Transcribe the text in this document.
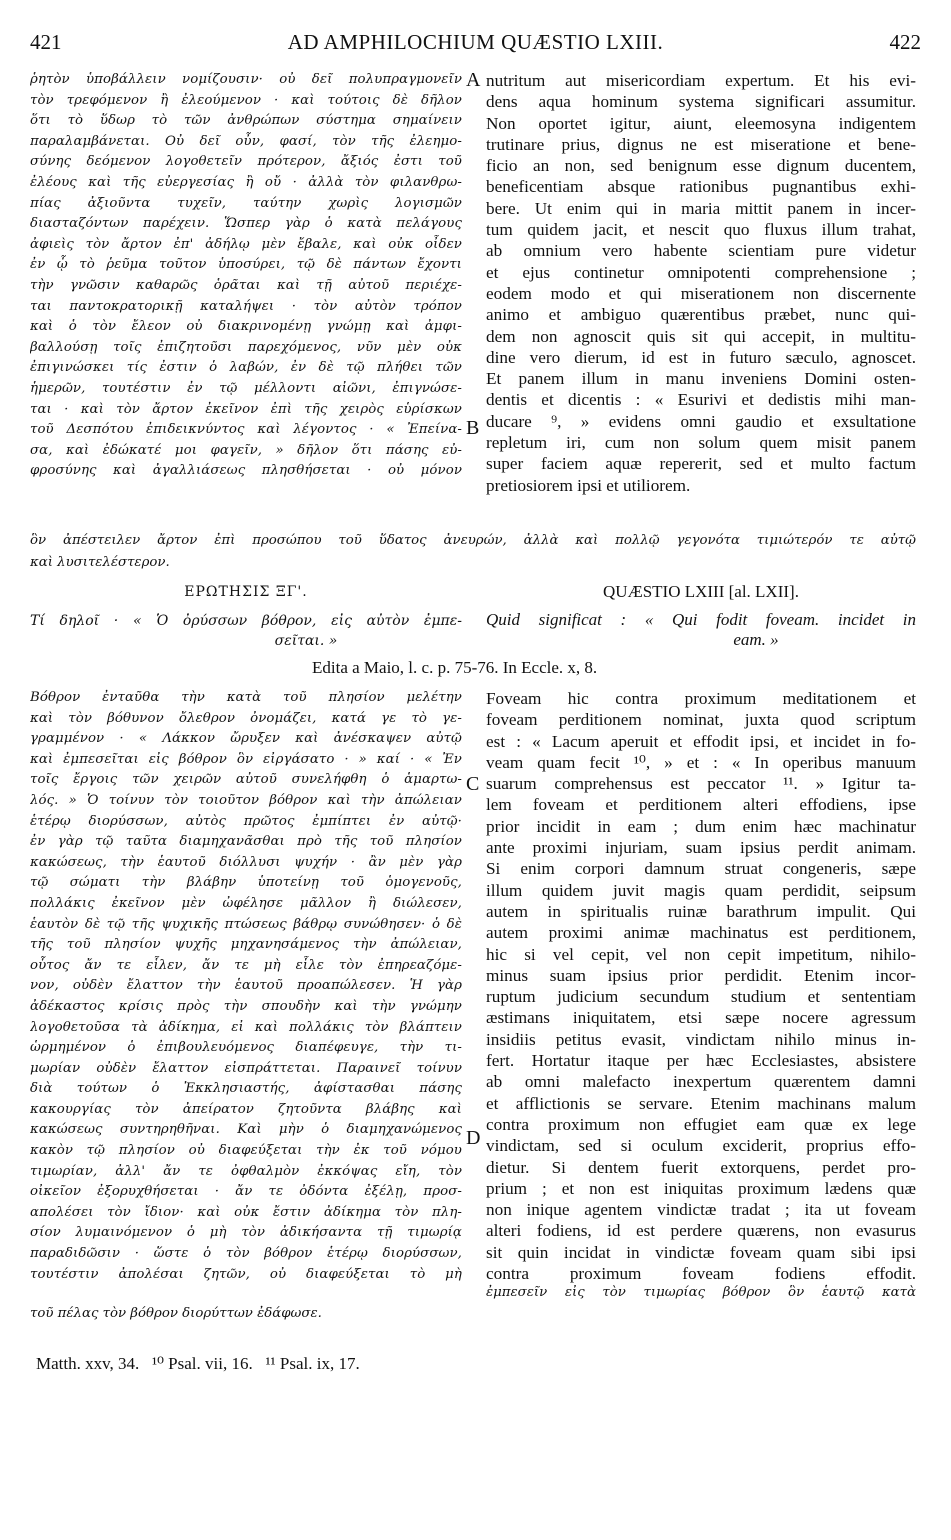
421	AD AMPHILOCHIUM QUÆSTIO LXIII.	422
ῥητὸν ὑποβάλλειν νομίζουσιν· οὐ δεῖ πολυπραγμονεῖν
τὸν τρεφόμενον ἢ ἐλεούμενον · καὶ τούτοις δὲ δῆλον
ὅτι τὸ ὕδωρ τὸ τῶν ἀνθρώπων σύστημα σημαίνειν
παραλαμβάνεται. Οὐ δεῖ οὖν, φασί, τὸν τῆς ἐλεημο-
σύνης δεόμενον λογοθετεῖν πρότερον, ἄξιός ἐστι τοῦ
ἐλέους καὶ τῆς εὐεργεσίας ἢ οὔ · ἀλλὰ τὸν φιλανθρω-
πίας ἀξιοῦντα τυχεῖν, ταύτην χωρὶς λογισμῶν
διασταζόντων παρέχειν. Ὥσπερ γὰρ ὁ κατὰ πελάγους
ἀφιεὶς τὸν ἄρτον ἐπ' ἀδήλῳ μὲν ἔβαλε, καὶ οὐκ οἶδεν
ἐν ᾧ τὸ ῥεῦμα τοῦτον ὑποσύρει, τῷ δὲ πάντων ἔχοντι
τὴν γνῶσιν καθαρῶς ὁρᾶται καὶ τῇ αὐτοῦ περιέχε-
ται παντοκρατορικῇ καταλήψει · τὸν αὐτὸν τρόπον
καὶ ὁ τὸν ἔλεον οὐ διακρινομένῃ γνώμῃ καὶ ἀμφι-
βαλλούσῃ τοῖς ἐπιζητοῦσι παρεχόμενος, νῦν μὲν οὐκ
ἐπιγινώσκει τίς ἐστιν ὁ λαβών, ἐν δὲ τῷ πλήθει τῶν
ἡμερῶν, τουτέστιν ἐν τῷ μέλλοντι αἰῶνι, ἐπιγνώσε-
ται · καὶ τὸν ἄρτον ἐκεῖνον ἐπὶ τῆς χειρὸς εὑρίσκων
τοῦ Δεσπότου ἐπιδεικνύντος καὶ λέγοντος · « Ἐπείνα-
σα, καὶ ἐδώκατέ μοι φαγεῖν, » δῆλον ὅτι πάσης εὐ-
φροσύνης καὶ ἀγαλλιάσεως πλησθήσεται · οὐ μόνον
nutritum aut misericordiam expertum. Et his evi-
dens aqua hominum systema significari assumitur.
Non oportet igitur, aiunt, eleemosyna indigentem
trutinare prius, dignus ne est miseratione et bene-
ficio an non, sed benignum esse dignum ducentem,
beneficentiam absque rationibus pugnantibus exhi-
bere. Ut enim qui in maria mittit panem in incer-
tum quidem jacit, et nescit quo fluxus illum trahat,
ab omnium vero habente scientiam pure videtur
et ejus continetur omnipotenti comprehensione ;
eodem modo et qui miserationem non discernente
animo et ambiguo quærentibus præbet, nunc qui-
dem non agnoscit quis sit qui accepit, in multitu-
dine vero dierum, id est in futuro sæculo, agnoscet.
Et panem illum in manu inveniens Domini osten-
dentis et dicentis : « Esurivi et dedistis mihi man-
ducare ⁹, » evidens omni gaudio et exsultatione
repletum iri, cum non solum quem misit panem
super faciem aquæ repererit, sed et multo factum
pretiosiorem ipsi et utiliorem.
A
B
ὃν ἀπέστειλεν ἄρτον ἐπὶ προσώπου τοῦ ὕδατος ἀνευρών, ἀλλὰ καὶ πολλῷ γεγονότα τιμιώτερόν τε αὐτῷ
καὶ λυσιτελέστερον.
ΕΡΩΤΗΣΙΣ ΞΓ'.	QUÆSTIO LXIII [al. LXII].
Τί δηλοῖ · « Ὁ ὀρύσσων βόθρον, εἰς αὐτὸν ἐμπε-
σεῖται. »
Quid significat : « Qui fodit foveam. incidet in
eam. »
Edita a Maio, l. c. p. 75-76. In Eccle. x, 8.
Βόθρον ἐνταῦθα τὴν κατὰ τοῦ πλησίον μελέτην
καὶ τὸν βόθυνον ὄλεθρον ὀνομάζει, κατά γε τὸ γε-
γραμμένον · « Λάκκον ὤρυξεν καὶ ἀνέσκαψεν αὐτῷ
καὶ ἐμπεσεῖται εἰς βόθρον ὃν εἰργάσατο · » καί · « Ἐν
τοῖς ἔργοις τῶν χειρῶν αὐτοῦ συνελήφθη ὁ ἁμαρτω-
λός. » Ὁ τοίνυν τὸν τοιοῦτον βόθρον καὶ τὴν ἀπώλειαν
ἑτέρῳ διορύσσων, αὐτὸς πρῶτος ἐμπίπτει ἐν αὐτῷ·
ἐν γὰρ τῷ ταῦτα διαμηχανᾶσθαι πρὸ τῆς τοῦ πλησίον
κακώσεως, τὴν ἑαυτοῦ διόλλυσι ψυχήν · ἂν μὲν γὰρ
τῷ σώματι τὴν βλάβην ὑποτείνῃ τοῦ ὁμογενοῦς,
πολλάκις ἐκεῖνον μὲν ὠφέλησε μᾶλλον ἢ διώλεσεν,
ἑαυτὸν δὲ τῷ τῆς ψυχικῆς πτώσεως βάθρῳ συνώθησεν· ὁ δὲ
τῆς τοῦ πλησίον ψυχῆς μηχανησάμενος τὴν ἀπώλειαν,
οὗτος ἄν τε εἷλεν, ἄν τε μὴ εἷλε τὸν ἐπηρεαζόμε-
νον, οὐδὲν ἔλαττον τὴν ἑαυτοῦ προαπώλεσεν. Ἡ γὰρ
ἀδέκαστος κρίσις πρὸς τὴν σπουδὴν καὶ τὴν γνώμην
λογοθετοῦσα τὰ ἀδίκημα, εἰ καὶ πολλάκις τὸν βλάπτειν
ὡρμημένον ὁ ἐπιβουλευόμενος διαπέφευγε, τὴν τι-
μωρίαν οὐδὲν ἔλαττον εἰσπράττεται. Παραινεῖ τοίνυν
διὰ τούτων ὁ Ἐκκλησιαστής, ἀφίστασθαι πάσης
κακουργίας τὸν ἀπείρατον ζητοῦντα βλάβης καὶ
κακώσεως συντηρηθῆναι. Καὶ μὴν ὁ διαμηχανώμενος
κακὸν τῷ πλησίον οὐ διαφεύξεται τὴν ἐκ τοῦ νόμου
τιμωρίαν, ἀλλ' ἄν τε ὀφθαλμὸν ἐκκόψας εἴη, τὸν
οἰκεῖον ἐξορυχθήσεται · ἄν τε ὀδόντα ἐξέλῃ, προσ-
απολέσει τὸν ἴδιον· καὶ οὐκ ἔστιν ἀδίκημα τὸν πλη-
σίον λυμαινόμενον ὁ μὴ τὸν ἀδικήσαντα τῇ τιμωρίᾳ
παραδιδῶσιν · ὥστε ὁ τὸν βόθρον ἑτέρῳ διορύσσων,
τουτέστιν ἀπολέσαι ζητῶν, οὐ διαφεύξεται τὸ μὴ
Foveam hic contra proximum meditationem et
foveam perditionem nominat, juxta quod scriptum
est : « Lacum aperuit et effodit ipsi, et incidet in fo-
veam quam fecit ¹⁰, » et : « In operibus manuum
suarum comprehensus est peccator ¹¹. » Igitur ta-
lem foveam et perditionem alteri effodiens, ipse
prior incidit in eam ; dum enim hæc machinatur
ante proximi injuriam, suam ipsius perdit animam.
Si enim corpori damnum struat congeneris, sæpe
illum quidem juvit magis quam perdidit, seipsum
autem in spiritualis ruinæ barathrum impulit. Qui
autem proximi animæ machinatus est perditionem,
hic si vel cepit, vel non cepit impetitum, nihilo-
minus suam ipsius prior perdidit. Etenim incor-
ruptum judicium secundum studium et sententiam
æstimans iniquitatem, etsi sæpe nocere agressum
insidiis petitus evasit, vindictam nihilo minus in-
fert. Hortatur itaque per hæc Ecclesiastes, absistere
ab omni malefacto inexpertum quærentem damni
et afflictionis se servare. Etenim machinans malum
contra proximum non effugiet eam quæ ex lege
vindictam, sed si oculum exciderit, proprius effo-
dietur. Si dentem fuerit extorquens, perdet pro-
prium ; et non est iniquitas proximum lædens quæ
non inique agentem vindictæ tradat ; ita ut foveam
alteri fodiens, id est perdere quærens, non evasurus
sit quin incidat in vindictæ foveam quam sibi ipsi
contra proximum foveam fodiens effodit.
C
D
ἐμπεσεῖν εἰς τὸν τιμωρίας βόθρον ὃν ἑαυτῷ κατὰ
τοῦ πέλας τὸν βόθρον διορύττων ἐδάφωσε.
Matth. xxv, 34.   ¹⁰ Psal. vii, 16.   ¹¹ Psal. ix, 17.
